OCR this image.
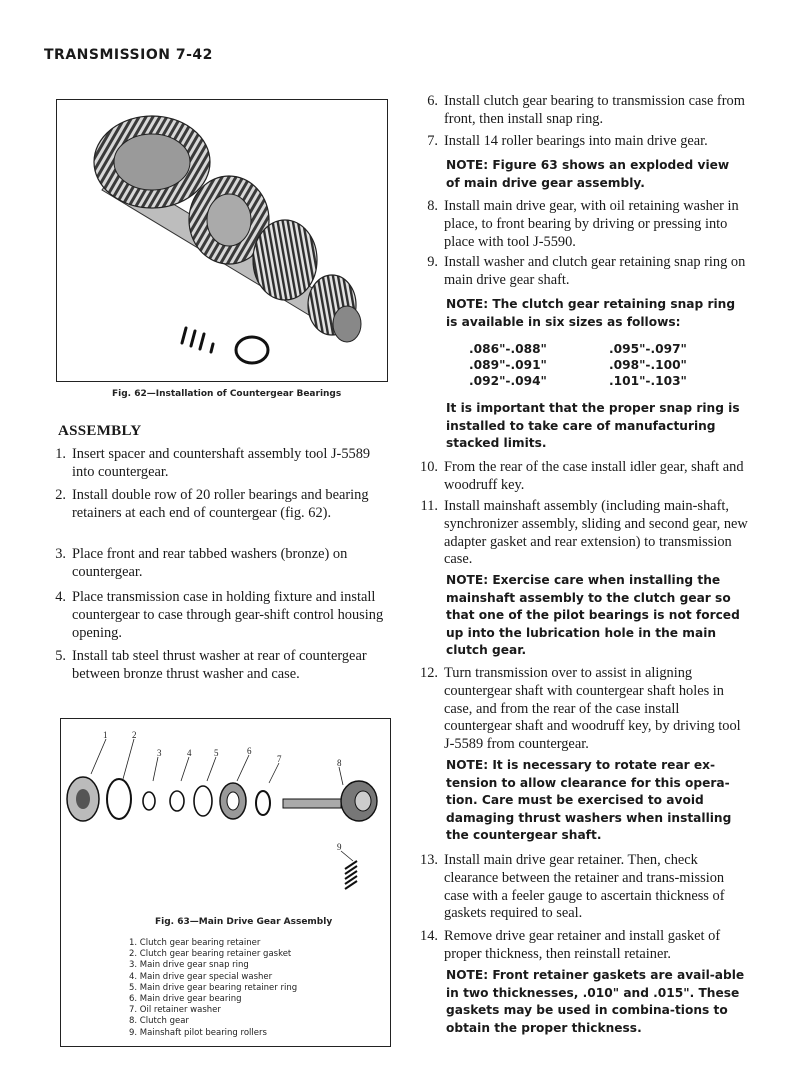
TRANSMISSION 7-42
Fig. 62—Installation of Countergear Bearings
ASSEMBLY
1. Insert spacer and countershaft assembly tool J-5589 into countergear.
2. Install double row of 20 roller bearings and bearing retainers at each end of countergear (fig. 62).
3. Place front and rear tabbed washers (bronze) on countergear.
4. Place transmission case in holding fixture and install countergear to case through gear-shift control housing opening.
5. Install tab steel thrust washer at rear of countergear between bronze thrust washer and case.
1	2
3	4	5	6
7	8
9
Fig. 63—Main Drive Gear Assembly
1. Clutch gear bearing retainer
2. Clutch gear bearing retainer gasket
3. Main drive gear snap ring
4. Main drive gear special washer
5. Main drive gear bearing retainer ring
6. Main drive gear bearing
7. Oil retainer washer
8. Clutch gear
9. Mainshaft pilot bearing rollers
6. Install clutch gear bearing to transmission case from front, then install snap ring.
7. Install 14 roller bearings into main drive gear.
NOTE: Figure 63 shows an exploded view of main drive gear assembly.
8. Install main drive gear, with oil retaining washer in place, to front bearing by driving or pressing into place with tool J-5590.
9. Install washer and clutch gear retaining snap ring on main drive gear shaft.
NOTE: The clutch gear retaining snap ring is available in six sizes as follows:
.086"-.088"	.095"-.097"
.089"-.091"	.098"-.100"
.092"-.094"	.101"-.103"
It is important that the proper snap ring is installed to take care of manufacturing stacked limits.
10. From the rear of the case install idler gear, shaft and woodruff key.
11. Install mainshaft assembly (including main-shaft, synchronizer assembly, sliding and second gear, new adapter gasket and rear extension) to transmission case.
NOTE: Exercise care when installing the mainshaft assembly to the clutch gear so that one of the pilot bearings is not forced up into the lubrication hole in the main clutch gear.
12. Turn transmission over to assist in aligning countergear shaft with countergear shaft holes in case, and from the rear of the case install countergear shaft and woodruff key, by driving tool J-5589 from countergear.
NOTE: It is necessary to rotate rear ex-tension to allow clearance for this opera-tion. Care must be exercised to avoid damaging thrust washers when installing the countergear shaft.
13. Install main drive gear retainer. Then, check clearance between the retainer and trans-mission case with a feeler gauge to ascertain thickness of gaskets required to seal.
14. Remove drive gear retainer and install gasket of proper thickness, then reinstall retainer.
NOTE: Front retainer gaskets are avail-able in two thicknesses, .010" and .015". These gaskets may be used in combina-tions to obtain the proper thickness.
